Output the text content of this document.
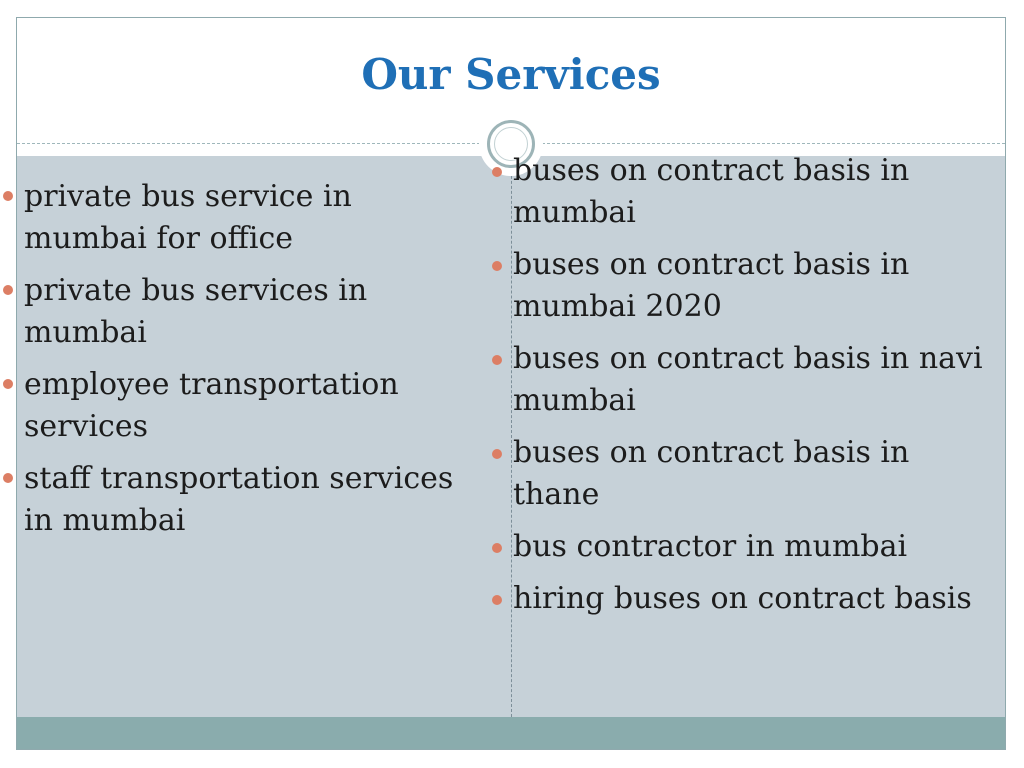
Our Services
private bus service in
mumbai for office
private bus services in
mumbai
employee transportation
services
staff transportation services
in mumbai
buses on contract basis in
mumbai
buses on contract basis in
mumbai 2020
buses on contract basis in navi
mumbai
buses on contract basis in
thane
bus contractor in mumbai
hiring buses on contract basis
